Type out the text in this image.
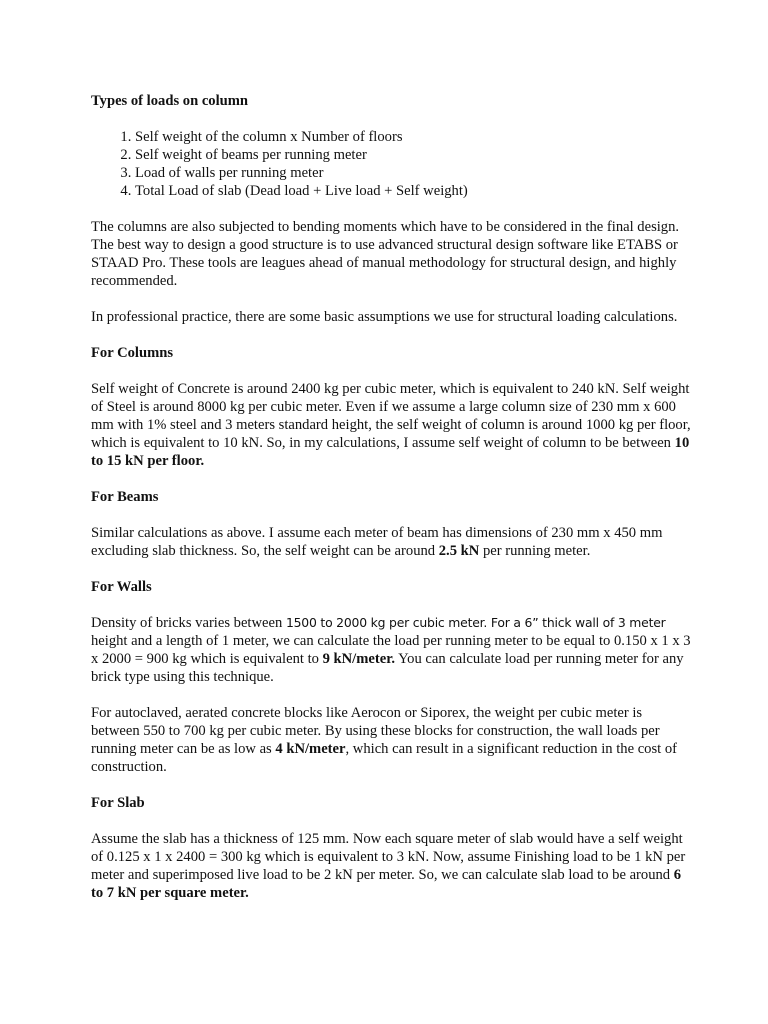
Types of loads on column
1. Self weight of the column x Number of floors
2. Self weight of beams per running meter
3. Load of walls per running meter
4. Total Load of slab (Dead load + Live load + Self weight)

The columns are also subjected to bending moments which have to be considered in the final design. The best way to design a good structure is to use advanced structural design software like ETABS or STAAD Pro. These tools are leagues ahead of manual methodology for structural design, and highly recommended.

In professional practice, there are some basic assumptions we use for structural loading calculations.

For Columns

Self weight of Concrete is around 2400 kg per cubic meter, which is equivalent to 240 kN. Self weight of Steel is around 8000 kg per cubic meter. Even if we assume a large column size of 230 mm x 600 mm with 1% steel and 3 meters standard height, the self weight of column is around 1000 kg per floor, which is equivalent to 10 kN. So, in my calculations, I assume self weight of column to be between 10 to 15 kN per floor.

For Beams

Similar calculations as above. I assume each meter of beam has dimensions of 230 mm x 450 mm excluding slab thickness. So, the self weight can be around 2.5 kN per running meter.

For Walls

Density of bricks varies between 1500 to 2000 kg per cubic meter. For a 6” thick wall of 3 meter height and a length of 1 meter, we can calculate the load per running meter to be equal to 0.150 x 1 x 3 x 2000 = 900 kg which is equivalent to 9 kN/meter. You can calculate load per running meter for any brick type using this technique.

For autoclaved, aerated concrete blocks like Aerocon or Siporex, the weight per cubic meter is between 550 to 700 kg per cubic meter. By using these blocks for construction, the wall loads per running meter can be as low as 4 kN/meter, which can result in a significant reduction in the cost of construction.

For Slab

Assume the slab has a thickness of 125 mm. Now each square meter of slab would have a self weight of 0.125 x 1 x 2400 = 300 kg which is equivalent to 3 kN. Now, assume Finishing load to be 1 kN per meter and superimposed live load to be 2 kN per meter. So, we can calculate slab load to be around 6 to 7 kN per square meter.
